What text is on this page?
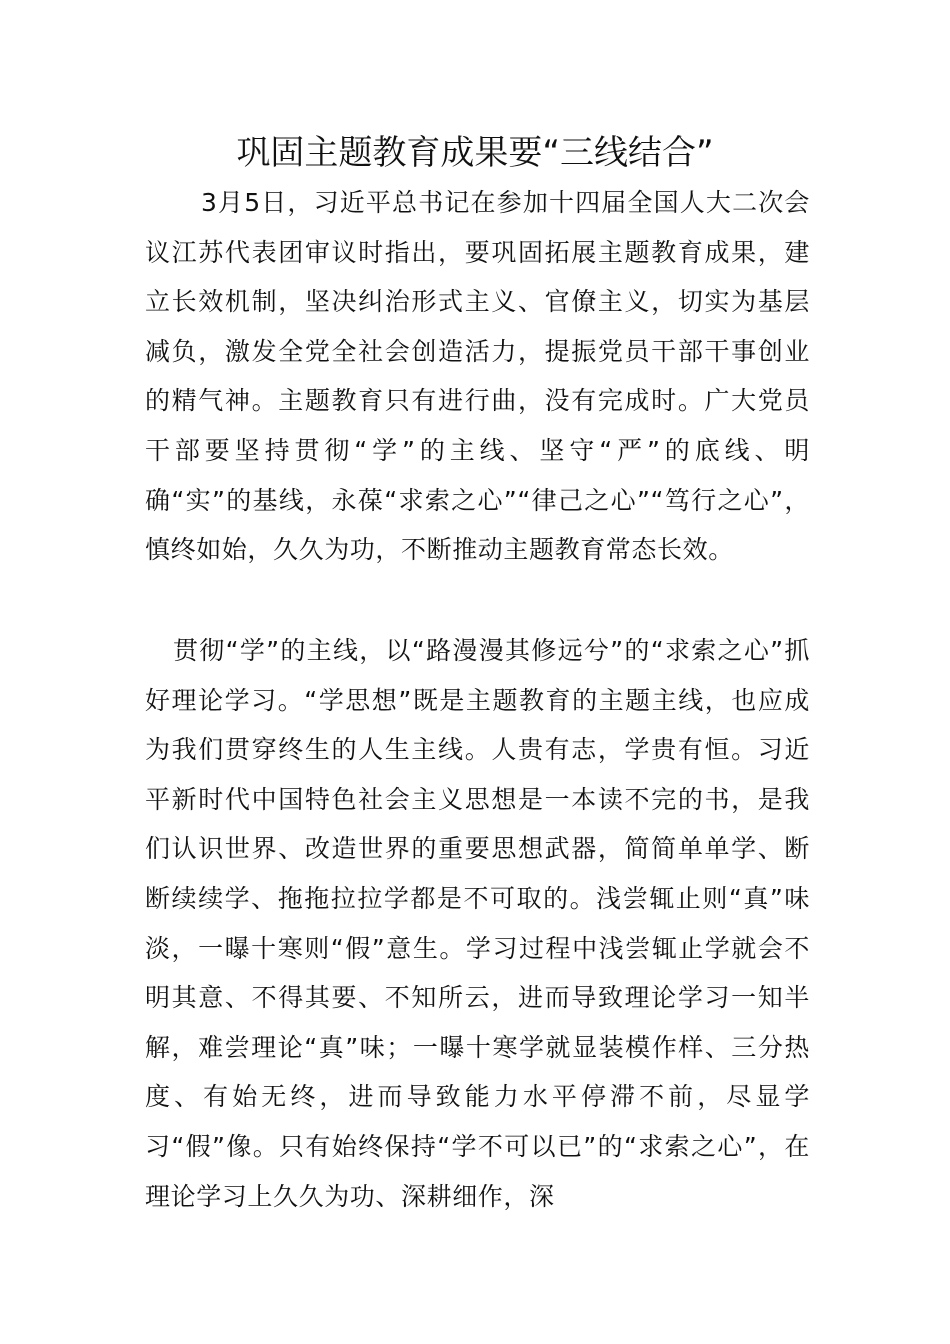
巩固主题教育成果要“三线结合”

3月5日，习近平总书记在参加十四届全国人大二次会议江苏代表团审议时指出，要巩固拓展主题教育成果，建立长效机制，坚决纠治形式主义、官僚主义，切实为基层减负，激发全党全社会创造活力，提振党员干部干事创业的精气神。主题教育只有进行曲，没有完成时。广大党员干部要坚持贯彻“学”的主线、坚守“严”的底线、明确“实”的基线，永葆“求索之心”“律己之心”“笃行之心”，慎终如始，久久为功，不断推动主题教育常态长效。

贯彻“学”的主线，以“路漫漫其修远兮”的“求索之心”抓好理论学习。“学思想”既是主题教育的主题主线，也应成为我们贯穿终生的人生主线。人贵有志，学贵有恒。习近平新时代中国特色社会主义思想是一本读不完的书，是我们认识世界、改造世界的重要思想武器，简简单单学、断断续续学、拖拖拉拉学都是不可取的。浅尝辄止则“真”味淡，一曝十寒则“假”意生。学习过程中浅尝辄止学就会不明其意、不得其要、不知所云，进而导致理论学习一知半解，难尝理论“真”味；一曝十寒学就显装模作样、三分热度、有始无终，进而导致能力水平停滞不前，尽显学习“假”像。只有始终保持“学不可以已”的“求索之心”，在理论学习上久久为功、深耕细作，深
